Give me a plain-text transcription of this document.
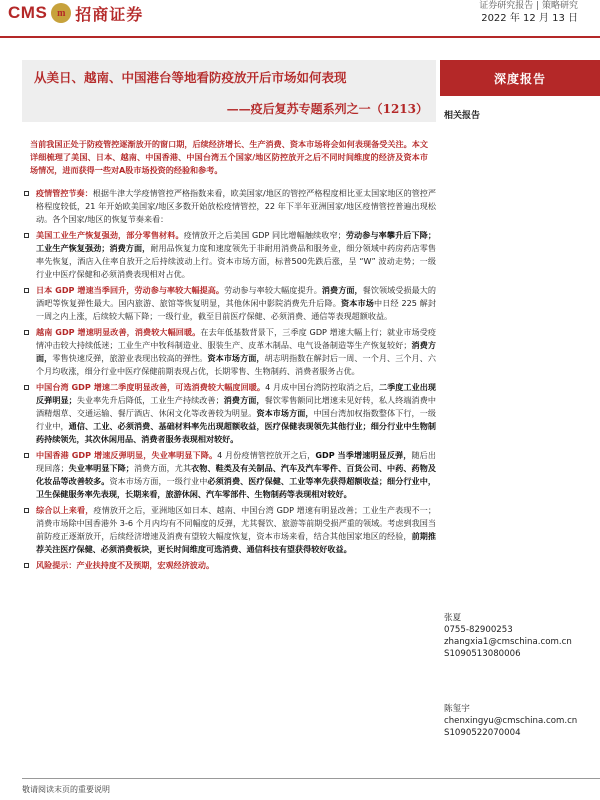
CMS m 招商证券	证券研究报告 | 策略研究
2022 年 12 月 13 日
从美日、越南、中国港台等地看防疫放开后市场如何表现
——疫后复苏专题系列之一（1213）
深度报告
相关报告

当前我国正处于防疫管控逐渐放开的窗口期，后续经济增长、生产消费、资本市场将会如何表现备受关注。本文详细梳理了美国、日本、越南、中国香港、中国台湾五个国家/地区防控放开之后不同时间维度的经济及资本市场情况，进而获得一些对A股市场投资的经验和参考。

疫情管控节奏：根据牛津大学疫情管控严格指数来看，欧美国家/地区的管控严格程度相比亚太国家地区的管控严格程度较低，21 年开始欧美国家/地区多数开始放松疫情管控，22 年下半年亚洲国家/地区疫情管控普遍出现松动。各个国家/地区的恢复节奏来看：
美国工业生产恢复强劲，部分零售材料。疫情放开之后美国 GDP 同比增幅触续收窄；劳动参与率攀升后下降；工业生产恢复强劲；消费方面，耐用品恢复力度和速度领先于非耐用消费品和服务业，细分领域中药房药店零售率先恢复，酒店入住率自放开之后持续波动上行。资本市场方面，标普500先跌后涨，呈 “W” 波动走势；一级行业中医疗保健和必须消费表现相对占优。
日本 GDP 增速当季回升，劳动参与率较大幅提高。劳动参与率较大幅度提升。消费方面，餐饮领域受损最大的酒吧等恢复弹性最大。国内旅游、旅馆等恢复明显，其他休闲中影院消费先升后降。资本市场中日经 225 解封一周之内上涨，后续较大幅下降；一级行业，截至目前医疗保健、必须消费、通信等表现超额收益。
越南 GDP 增速明显改善，消费较大幅回暖。在去年低基数背景下，三季度 GDP 增速大幅上行；就业市场受疫情冲击较大持续低迷；工业生产中牧科制造业、服装生产、皮革木制品、电气设备制造等生产恢复较好；消费方面，零售快速反弹，旅游业表现出较高的弹性。资本市场方面，胡志明指数在解封后一周、一个月、三个月、六个月均收涨，细分行业中医疗保健前期表现占优，长期零售、生物制药、消费者服务占优。
中国台湾 GDP 增速二季度明显改善，可选消费较大幅度回暖。4 月成中国台湾防控取消之后，二季度工业出现反弹明显；失业率先升后降低，工业生产持续改善；消费方面，餐饮零售额同比增速未见好转，私人终端消费中酒精烟草、交通运输、餐厅酒店、休闲文化等改善较为明显。资本市场方面，中国台湾加权指数整体下行，一级行业中，通信、工业、必须消费、基础材料率先出现超额收益，医疗保健表现领先其他行业；细分行业中生物制药持续领先，其次休闲用品、消费者服务表现相对较好。
中国香港 GDP 增速反弹明显，失业率明显下降。4 月份疫情管控放开之后，GDP 当季增速明显反弹，随后出现回落；失业率明显下降；消费方面，尤其衣物、鞋类及有关制品、汽车及汽车零件、百货公司、中药、药物及化妆品等改善较多。资本市场方面，一级行业中必须消费、医疗保健、工业等率先获得超额收益；细分行业中，卫生保健服务率先表现，长期来看，旅游休闲、汽车零部件、生物制药等表现相对较好。
综合以上来看，疫情放开之后，亚洲地区如日本、越南、中国台湾 GDP 增速有明显改善；工业生产表现不一；消费市场除中国香港外 3-6 个月内均有不同幅度的反弹，尤其餐饮、旅游等前期受损严重的领域。考虑到我国当前防疫正逐渐放开，后续经济增速及消费有望较大幅度恢复，资本市场来看，结合其他国家地区的经验，前期推荐关注医疗保健、必须消费板块，更长时间维度可选消费、通信科技有望获得较好收益。
风险提示：产业扶持度不及预期，宏观经济波动。
张夏
0755-82900253
zhangxia1@cmschina.com.cn
S1090513080006
陈玺宇
chenxingyu@cmschina.com.cn
S1090522070004
敬请阅读末页的重要说明
